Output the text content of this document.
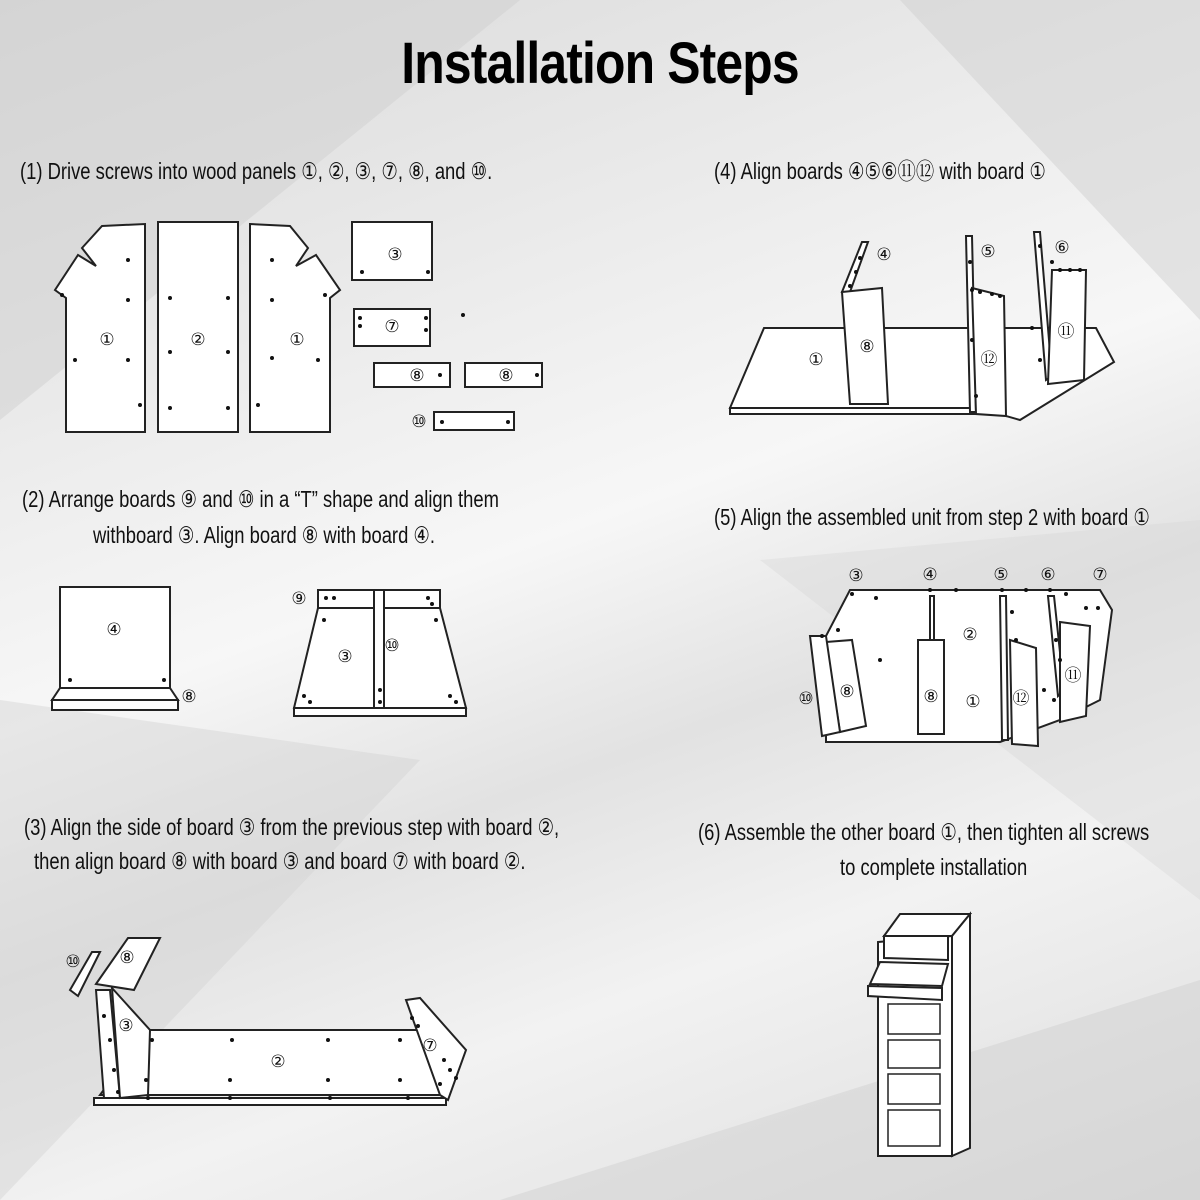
Installation Steps
(1) Drive screws into wood panels ①, ②, ③, ⑦, ⑧, and ⑩.
(2) Arrange boards ⑨ and ⑩ in a “T” shape and align them
withboard ③. Align board ⑧ with board ④.
(3) Align the side of board ③ from the previous step with board ②,
then align board ⑧ with board ③ and board ⑦ with board ②.
(4) Align boards ④⑤⑥⑪⑫ with board ①
(5) Align the assembled unit from step 2 with board ①
(6) Assemble the other board ①, then tighten all screws
to complete installation
①	②	①
③
⑦
⑧	⑧
⑩
④
⑧
⑨
③
⑩
⑩ ⑧
③
②
⑦
④	⑤	⑥
①
⑧
⑫
⑪
③	④	⑤ ⑥ ⑦
②
⑩ ⑧	⑧ ① ⑫
⑪
